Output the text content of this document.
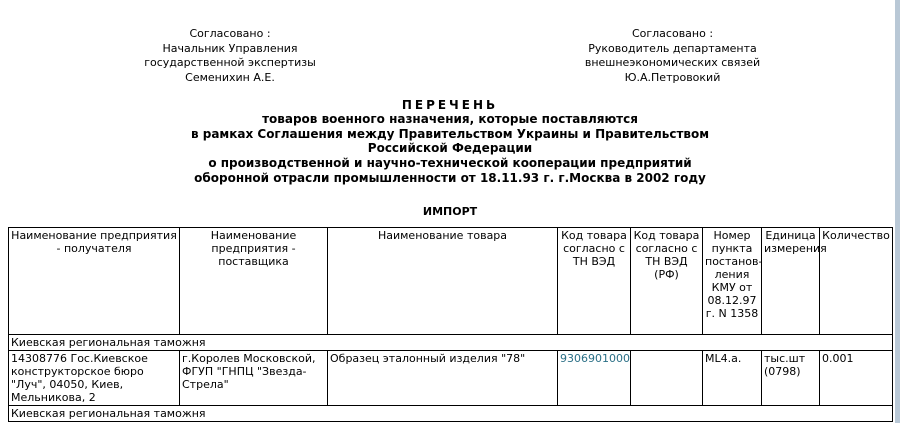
Согласовано :
Начальник Управления
государственной экспертизы
Семенихин А.Е.
Согласовано :
Руководитель департамента
внешнеэкономических связей
Ю.А.Петровокий
ПЕРЕЧЕНЬ
товаров военного назначения, которые поставляются
в рамках Соглашения между Правительством Украины и Правительством
Российской Федерации
о производственной и научно-технической кооперации предприятий
оборонной отрасли промышленности от 18.11.93 г. г.Москва в 2002 году
ИМПОРТ
Наименование предприятия - получателя	Наименование предприятия - поставщика	Наименование товара	Код товара согласно с ТН ВЭД	Код товара согласно с ТН ВЭД (РФ)	Номер пункта постанов-ления КМУ от 08.12.97 г. N 1358	Единица измерения	Количество
Киевская региональная таможня							
14308776 Гос.Киевское конструкторское бюро "Луч", 04050, Киев, Мельникова, 2	г.Королев Московской, ФГУП "ГНПЦ "Звезда-Стрела"	Образец эталонный изделия "78"	9306901000		ML4.a.	тыс.шт (0798)	0.001
Киевская региональная таможня							
